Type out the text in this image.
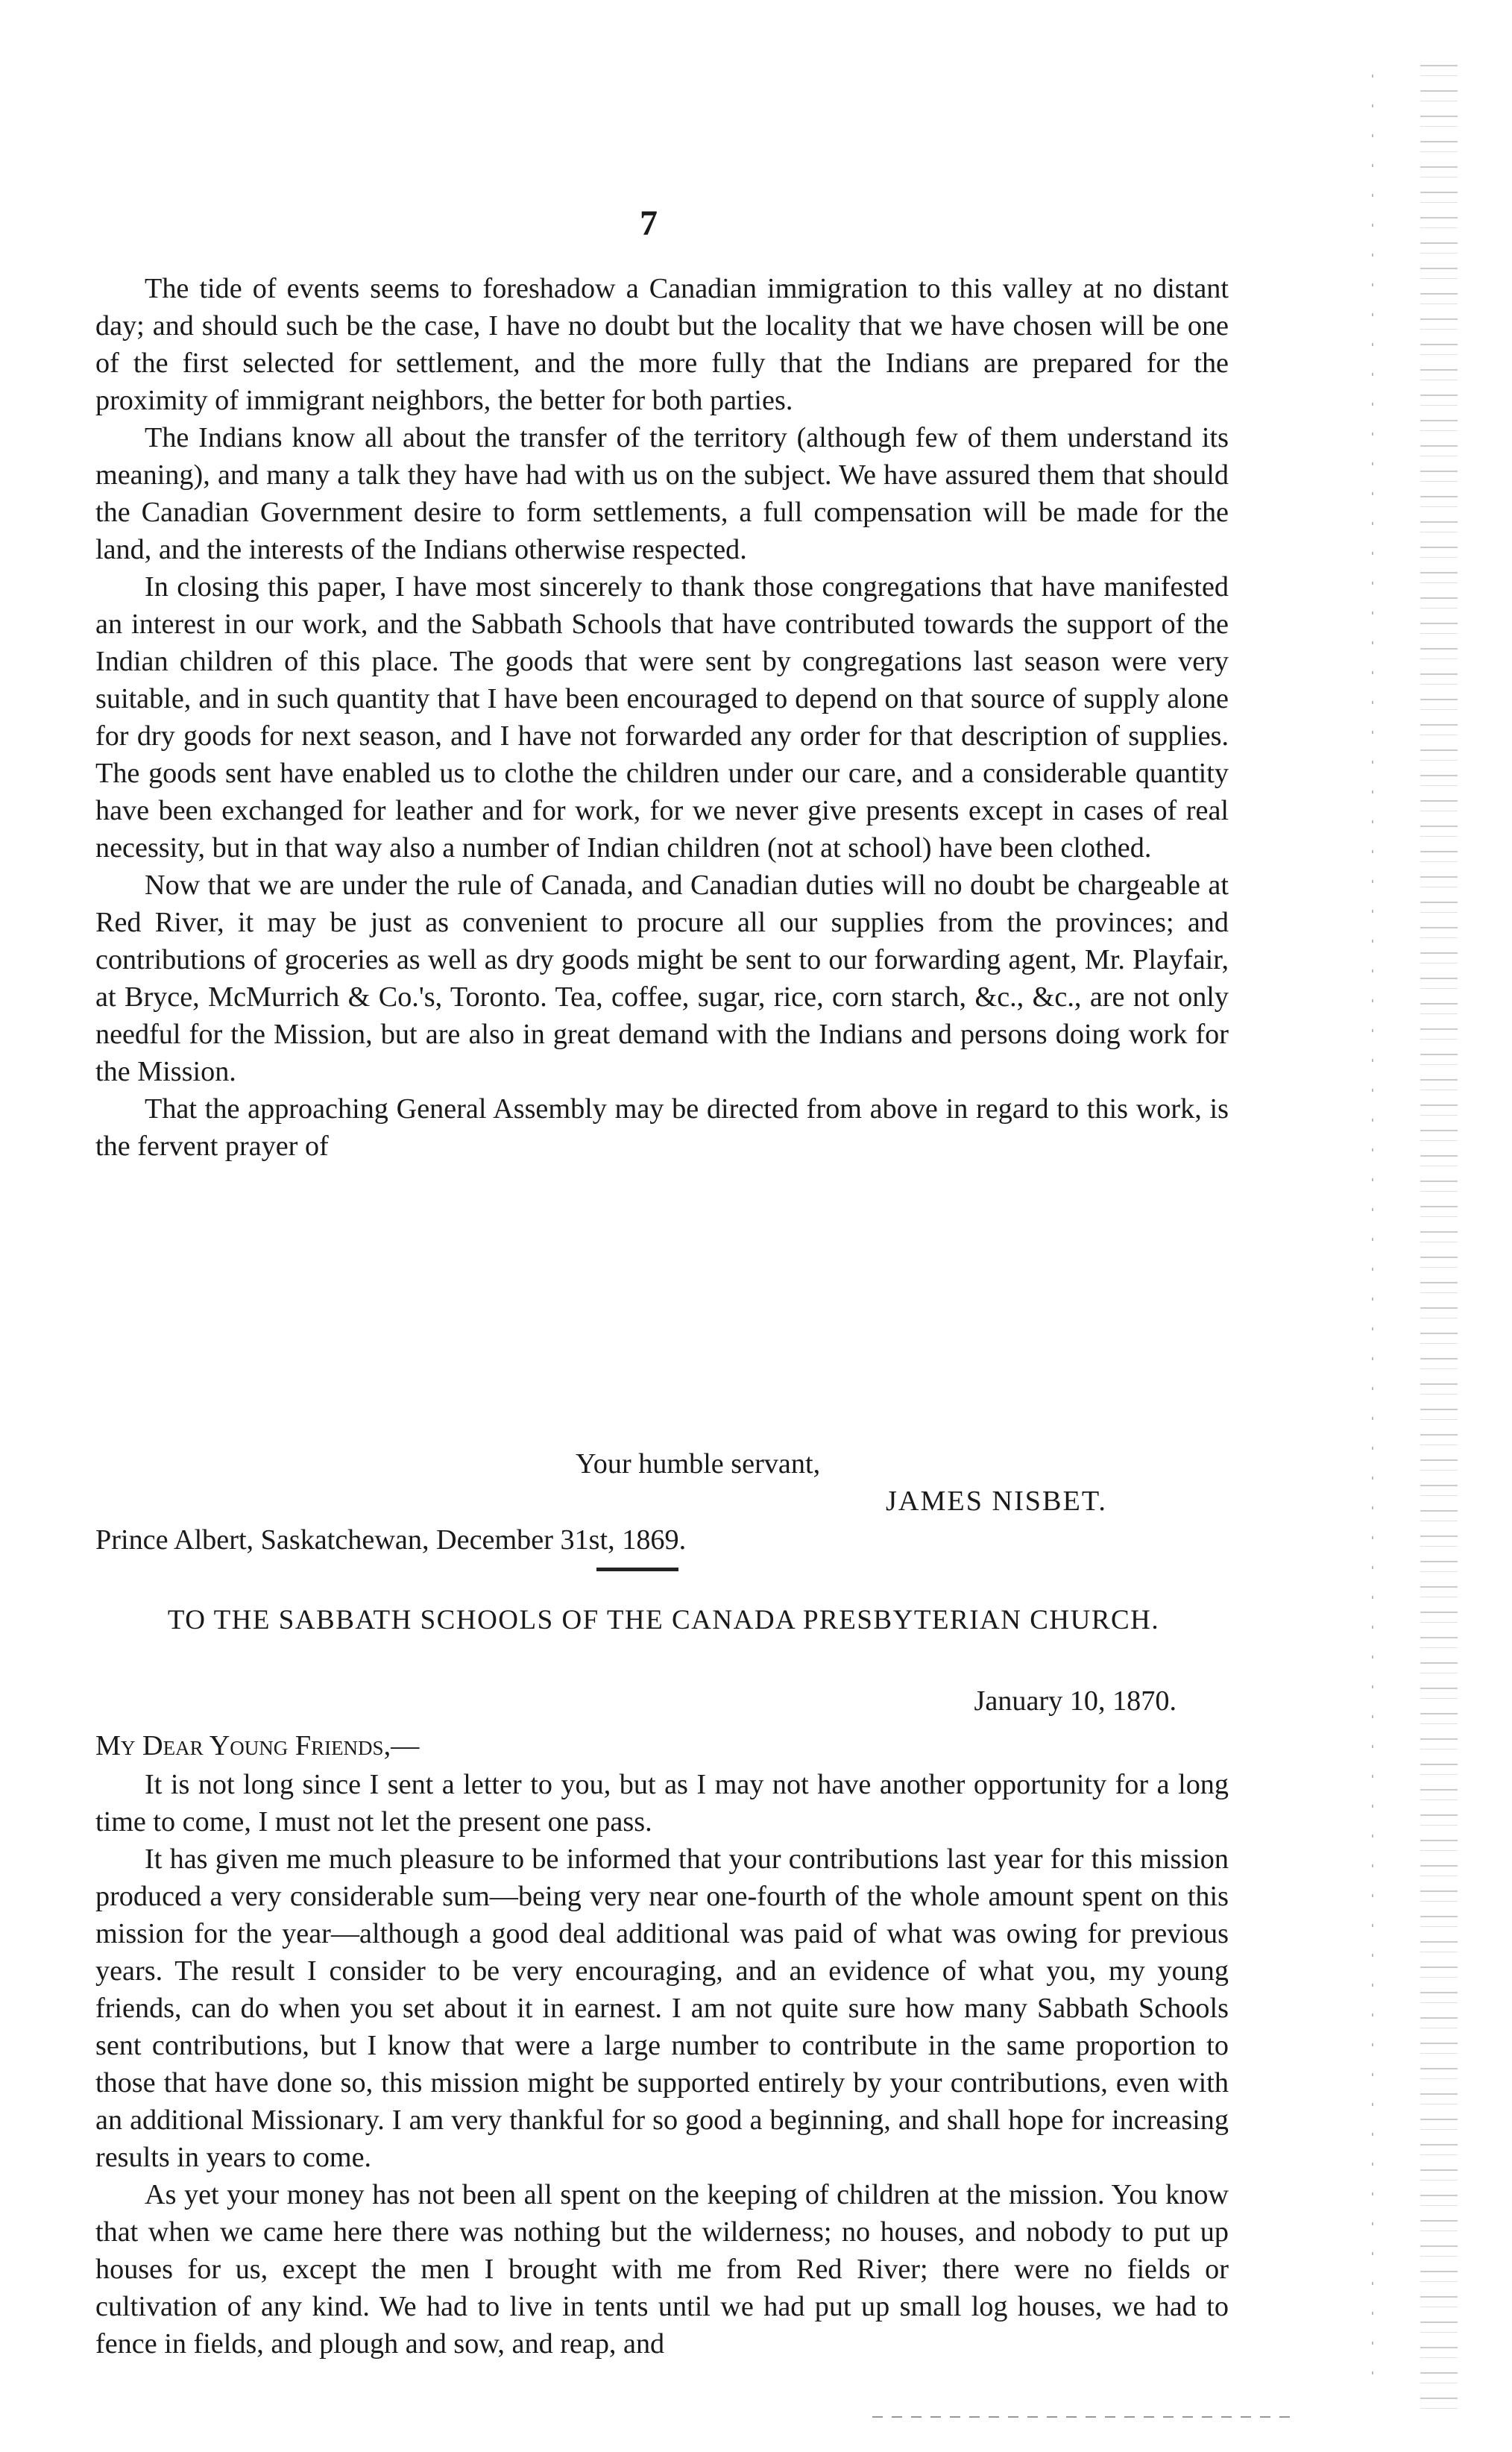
7

The tide of events seems to foreshadow a Canadian immigration to this valley at no distant day; and should such be the case, I have no doubt but the locality that we have chosen will be one of the first selected for settlement, and the more fully that the Indians are prepared for the proximity of immigrant neighbors, the better for both parties.

The Indians know all about the transfer of the territory (although few of them understand its meaning), and many a talk they have had with us on the subject. We have assured them that should the Canadian Government desire to form settlements, a full compensation will be made for the land, and the interests of the Indians otherwise respected.

In closing this paper, I have most sincerely to thank those congregations that have manifested an interest in our work, and the Sabbath Schools that have contributed towards the support of the Indian children of this place. The goods that were sent by congregations last season were very suitable, and in such quantity that I have been encouraged to depend on that source of supply alone for dry goods for next season, and I have not forwarded any order for that description of supplies. The goods sent have enabled us to clothe the children under our care, and a considerable quantity have been exchanged for leather and for work, for we never give presents except in cases of real necessity, but in that way also a number of Indian children (not at school) have been clothed.

Now that we are under the rule of Canada, and Canadian duties will no doubt be chargeable at Red River, it may be just as convenient to procure all our supplies from the provinces; and contributions of groceries as well as dry goods might be sent to our forwarding agent, Mr. Playfair, at Bryce, McMurrich & Co.'s, Toronto. Tea, coffee, sugar, rice, corn starch, &c., &c., are not only needful for the Mission, but are also in great demand with the Indians and persons doing work for the Mission.

That the approaching General Assembly may be directed from above in regard to this work, is the fervent prayer of

Your humble servant,
JAMES NISBET.
Prince Albert, Saskatchewan, December 31st, 1869.
TO THE SABBATH SCHOOLS OF THE CANADA PRESBYTERIAN CHURCH.
January 10, 1870.
My Dear Young Friends,—

It is not long since I sent a letter to you, but as I may not have another opportunity for a long time to come, I must not let the present one pass.

It has given me much pleasure to be informed that your contributions last year for this mission produced a very considerable sum—being very near one-fourth of the whole amount spent on this mission for the year—although a good deal additional was paid of what was owing for previous years. The result I consider to be very encouraging, and an evidence of what you, my young friends, can do when you set about it in earnest. I am not quite sure how many Sabbath Schools sent contributions, but I know that were a large number to contribute in the same proportion to those that have done so, this mission might be supported entirely by your contributions, even with an additional Missionary. I am very thankful for so good a beginning, and shall hope for increasing results in years to come.

As yet your money has not been all spent on the keeping of children at the mission. You know that when we came here there was nothing but the wilderness; no houses, and nobody to put up houses for us, except the men I brought with me from Red River; there were no fields or cultivation of any kind. We had to live in tents until we had put up small log houses, we had to fence in fields, and plough and sow, and reap, and
